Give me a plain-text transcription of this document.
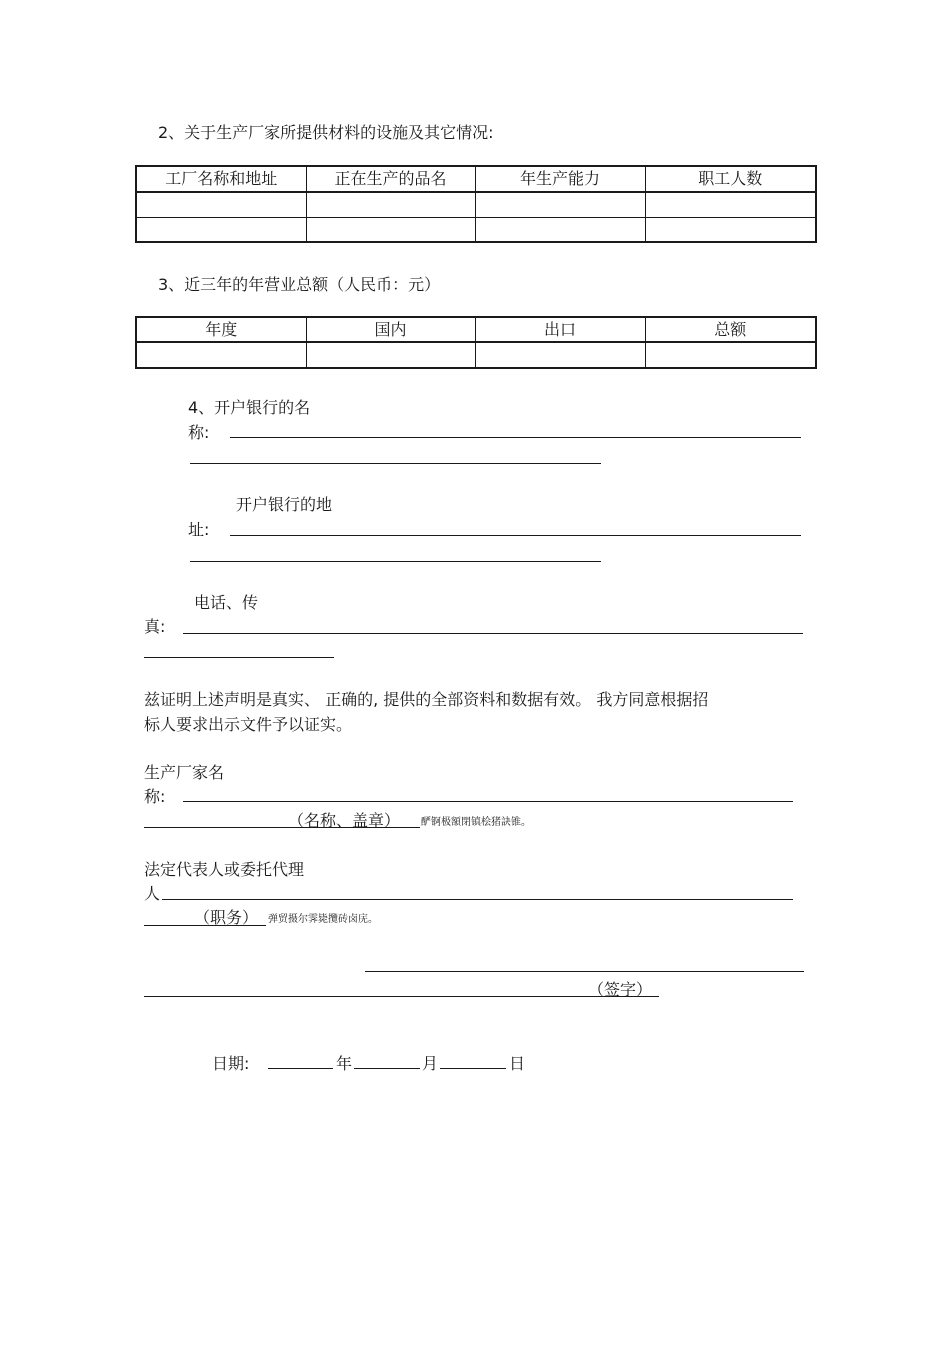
2、关于生产厂家所提供材料的设施及其它情况:
工厂名称和地址	正在生产的品名	年生产能力	职工人数

3、近三年的年营业总额（人民币：元）
年度	国内	出口	总额

4、开户银行的名
称:
开户银行的地
址:
电话、传
真:
兹证明上述声明是真实、 正确的, 提供的全部资料和数据有效。 我方同意根据招
标人要求出示文件予以证实。
生产厂家名
称:
（名称、盖章） 酽锕极額閉镇桧猪訣锥。
法定代表人或委托代理
人
（职务） 弹贸摄尔霁毙攬砖卤庑。
（签字）
日期:	年	月	日
